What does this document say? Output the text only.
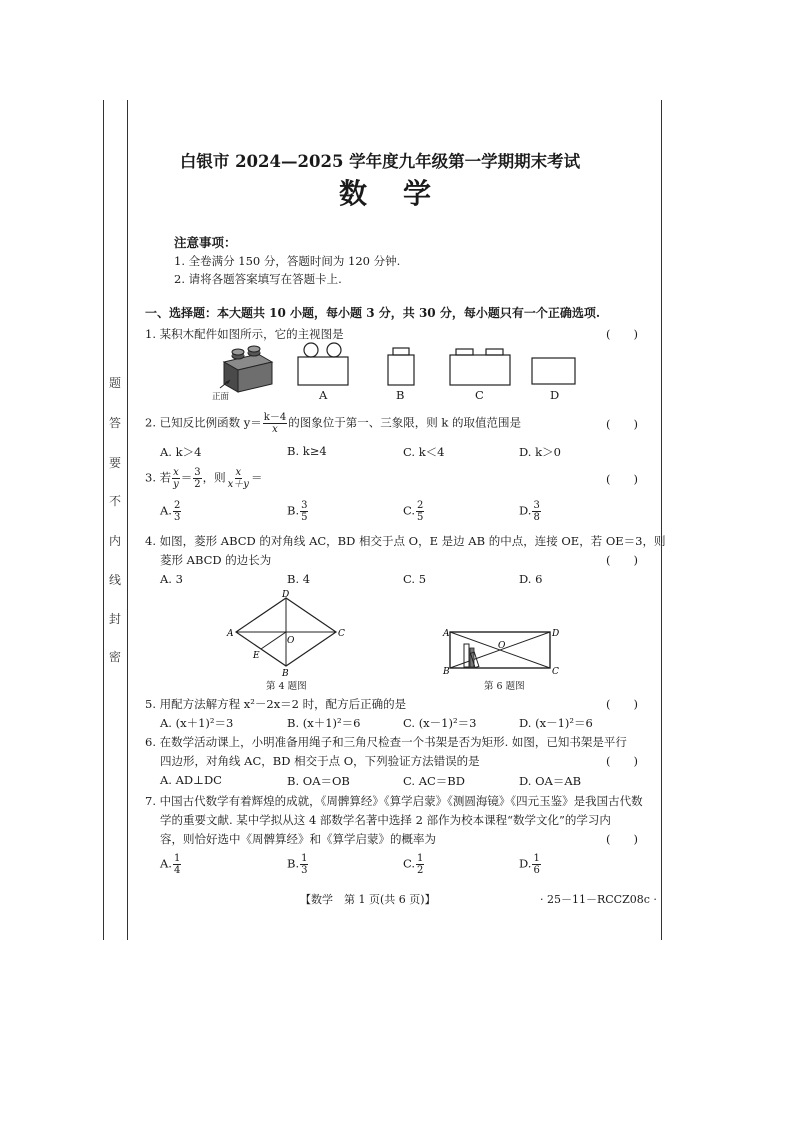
题
答
要
不
内
线
封
密
白银市 2024—2025 学年度九年级第一学期期末考试
数学
注意事项：
1. 全卷满分 150 分，答题时间为 120 分钟.
2. 请将各题答案填写在答题卡上.
一、选择题：本大题共 10 小题，每小题 3 分，共 30 分，每小题只有一个正确选项.
1. 某积木配件如图所示，它的主视图是	(　　)
正面	A	B	C	D
2. 已知反比例函数 $y= \frac{k-4}{x}$ 的图象位于第一、三象限，则 k 的取值范围是	(　　)
A. k＞4	B. k≥4	C. k＜4	D. k＞0
3. 若 $\frac{x}{y} = \frac{3}{2}$ ，则 $\frac{x}{x+y}$ ＝	(　　)
A. $\frac{2}{3}$	B. $\frac{3}{5}$	C. $\frac{2}{5}$	D. $\frac{3}{8}$
4. 如图，菱形 ABCD 的对角线 AC，BD 相交于点 O，E 是边 AB 的中点，连接 OE，若 OE＝3，则
菱形 ABCD 的边长为	(　　)
A. 3	B. 4	C. 5	D. 6
A
B
C
D
O
E
第 4 题图
A
B	C
D
O
第 6 题图
5. 用配方法解方程 x²－2x＝2 时，配方后正确的是	(　　)
A. (x＋1)²＝3	B. (x＋1)²＝6	C. (x－1)²＝3	D. (x－1)²＝6
6. 在数学活动课上，小明准备用绳子和三角尺检查一个书架是否为矩形. 如图，已知书架是平行
四边形，对角线 AC，BD 相交于点 O，下列验证方法错误的是	(　　)
A. AD⊥DC	B. OA＝OB	C. AC＝BD	D. OA＝AB
7. 中国古代数学有着辉煌的成就，《周髀算经》《算学启蒙》《测圆海镜》《四元玉鉴》是我国古代数
学的重要文献. 某中学拟从这 4 部数学名著中选择 2 部作为校本课程“数学文化”的学习内
容，则恰好选中《周髀算经》和《算学启蒙》的概率为	(　　)
A. $\frac{1}{4}$	B. $\frac{1}{3}$	C. $\frac{1}{2}$	D. $\frac{1}{6}$
【数学　第 1 页(共 6 页)】	· 25－11－RCCZ08c ·
